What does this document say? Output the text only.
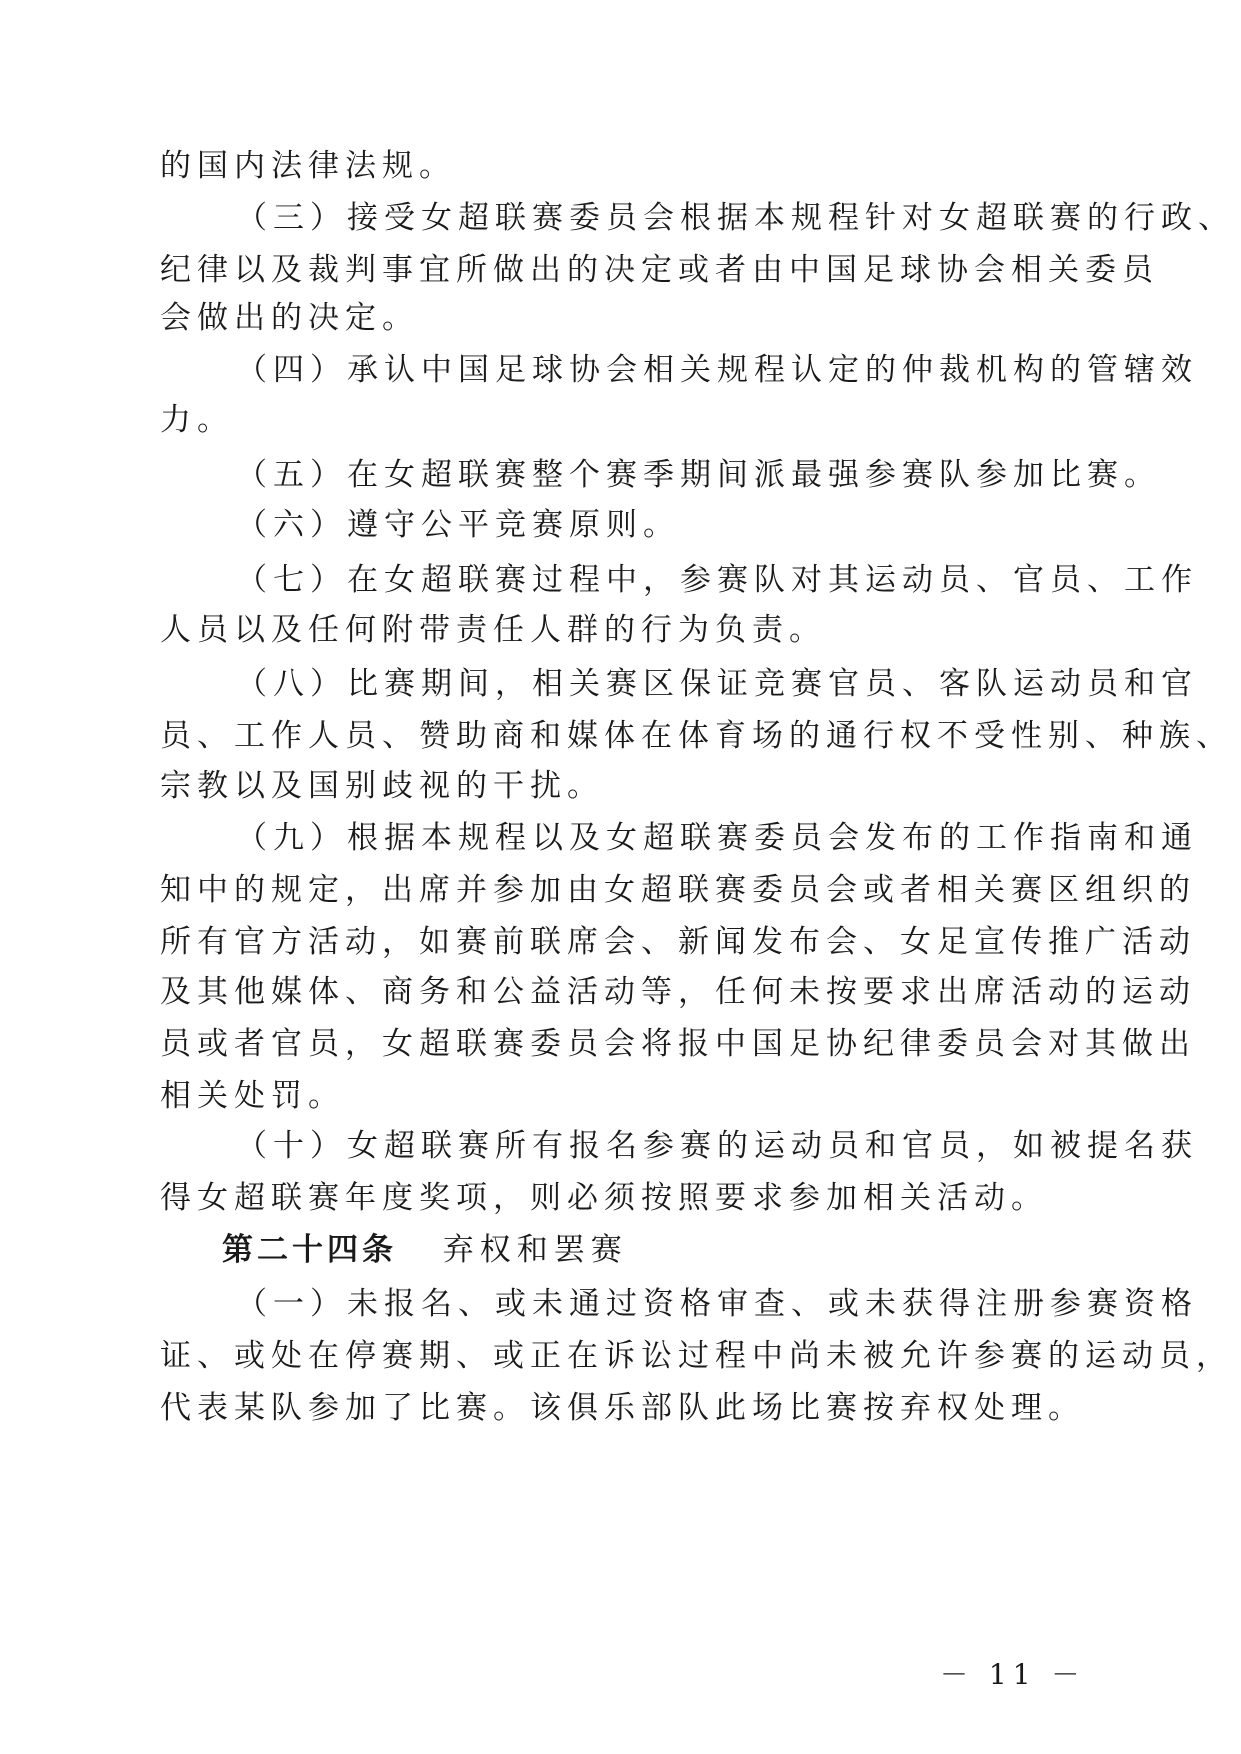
的国内法律法规。
（三）接受女超联赛委员会根据本规程针对女超联赛的行政、
纪律以及裁判事宜所做出的决定或者由中国足球协会相关委员
会做出的决定。
（四）承认中国足球协会相关规程认定的仲裁机构的管辖效
力。
（五）在女超联赛整个赛季期间派最强参赛队参加比赛。
（六）遵守公平竞赛原则。
（七）在女超联赛过程中，参赛队对其运动员、官员、工作
人员以及任何附带责任人群的行为负责。
（八）比赛期间，相关赛区保证竞赛官员、客队运动员和官
员、工作人员、赞助商和媒体在体育场的通行权不受性别、种族、
宗教以及国别歧视的干扰。
（九）根据本规程以及女超联赛委员会发布的工作指南和通
知中的规定，出席并参加由女超联赛委员会或者相关赛区组织的
所有官方活动，如赛前联席会、新闻发布会、女足宣传推广活动
及其他媒体、商务和公益活动等，任何未按要求出席活动的运动
员或者官员，女超联赛委员会将报中国足协纪律委员会对其做出
相关处罚。
（十）女超联赛所有报名参赛的运动员和官员，如被提名获
得女超联赛年度奖项，则必须按照要求参加相关活动。
第二十四条 弃权和罢赛
（一）未报名、或未通过资格审查、或未获得注册参赛资格
证、或处在停赛期、或正在诉讼过程中尚未被允许参赛的运动员，
代表某队参加了比赛。该俱乐部队此场比赛按弃权处理。
－ 11 －
